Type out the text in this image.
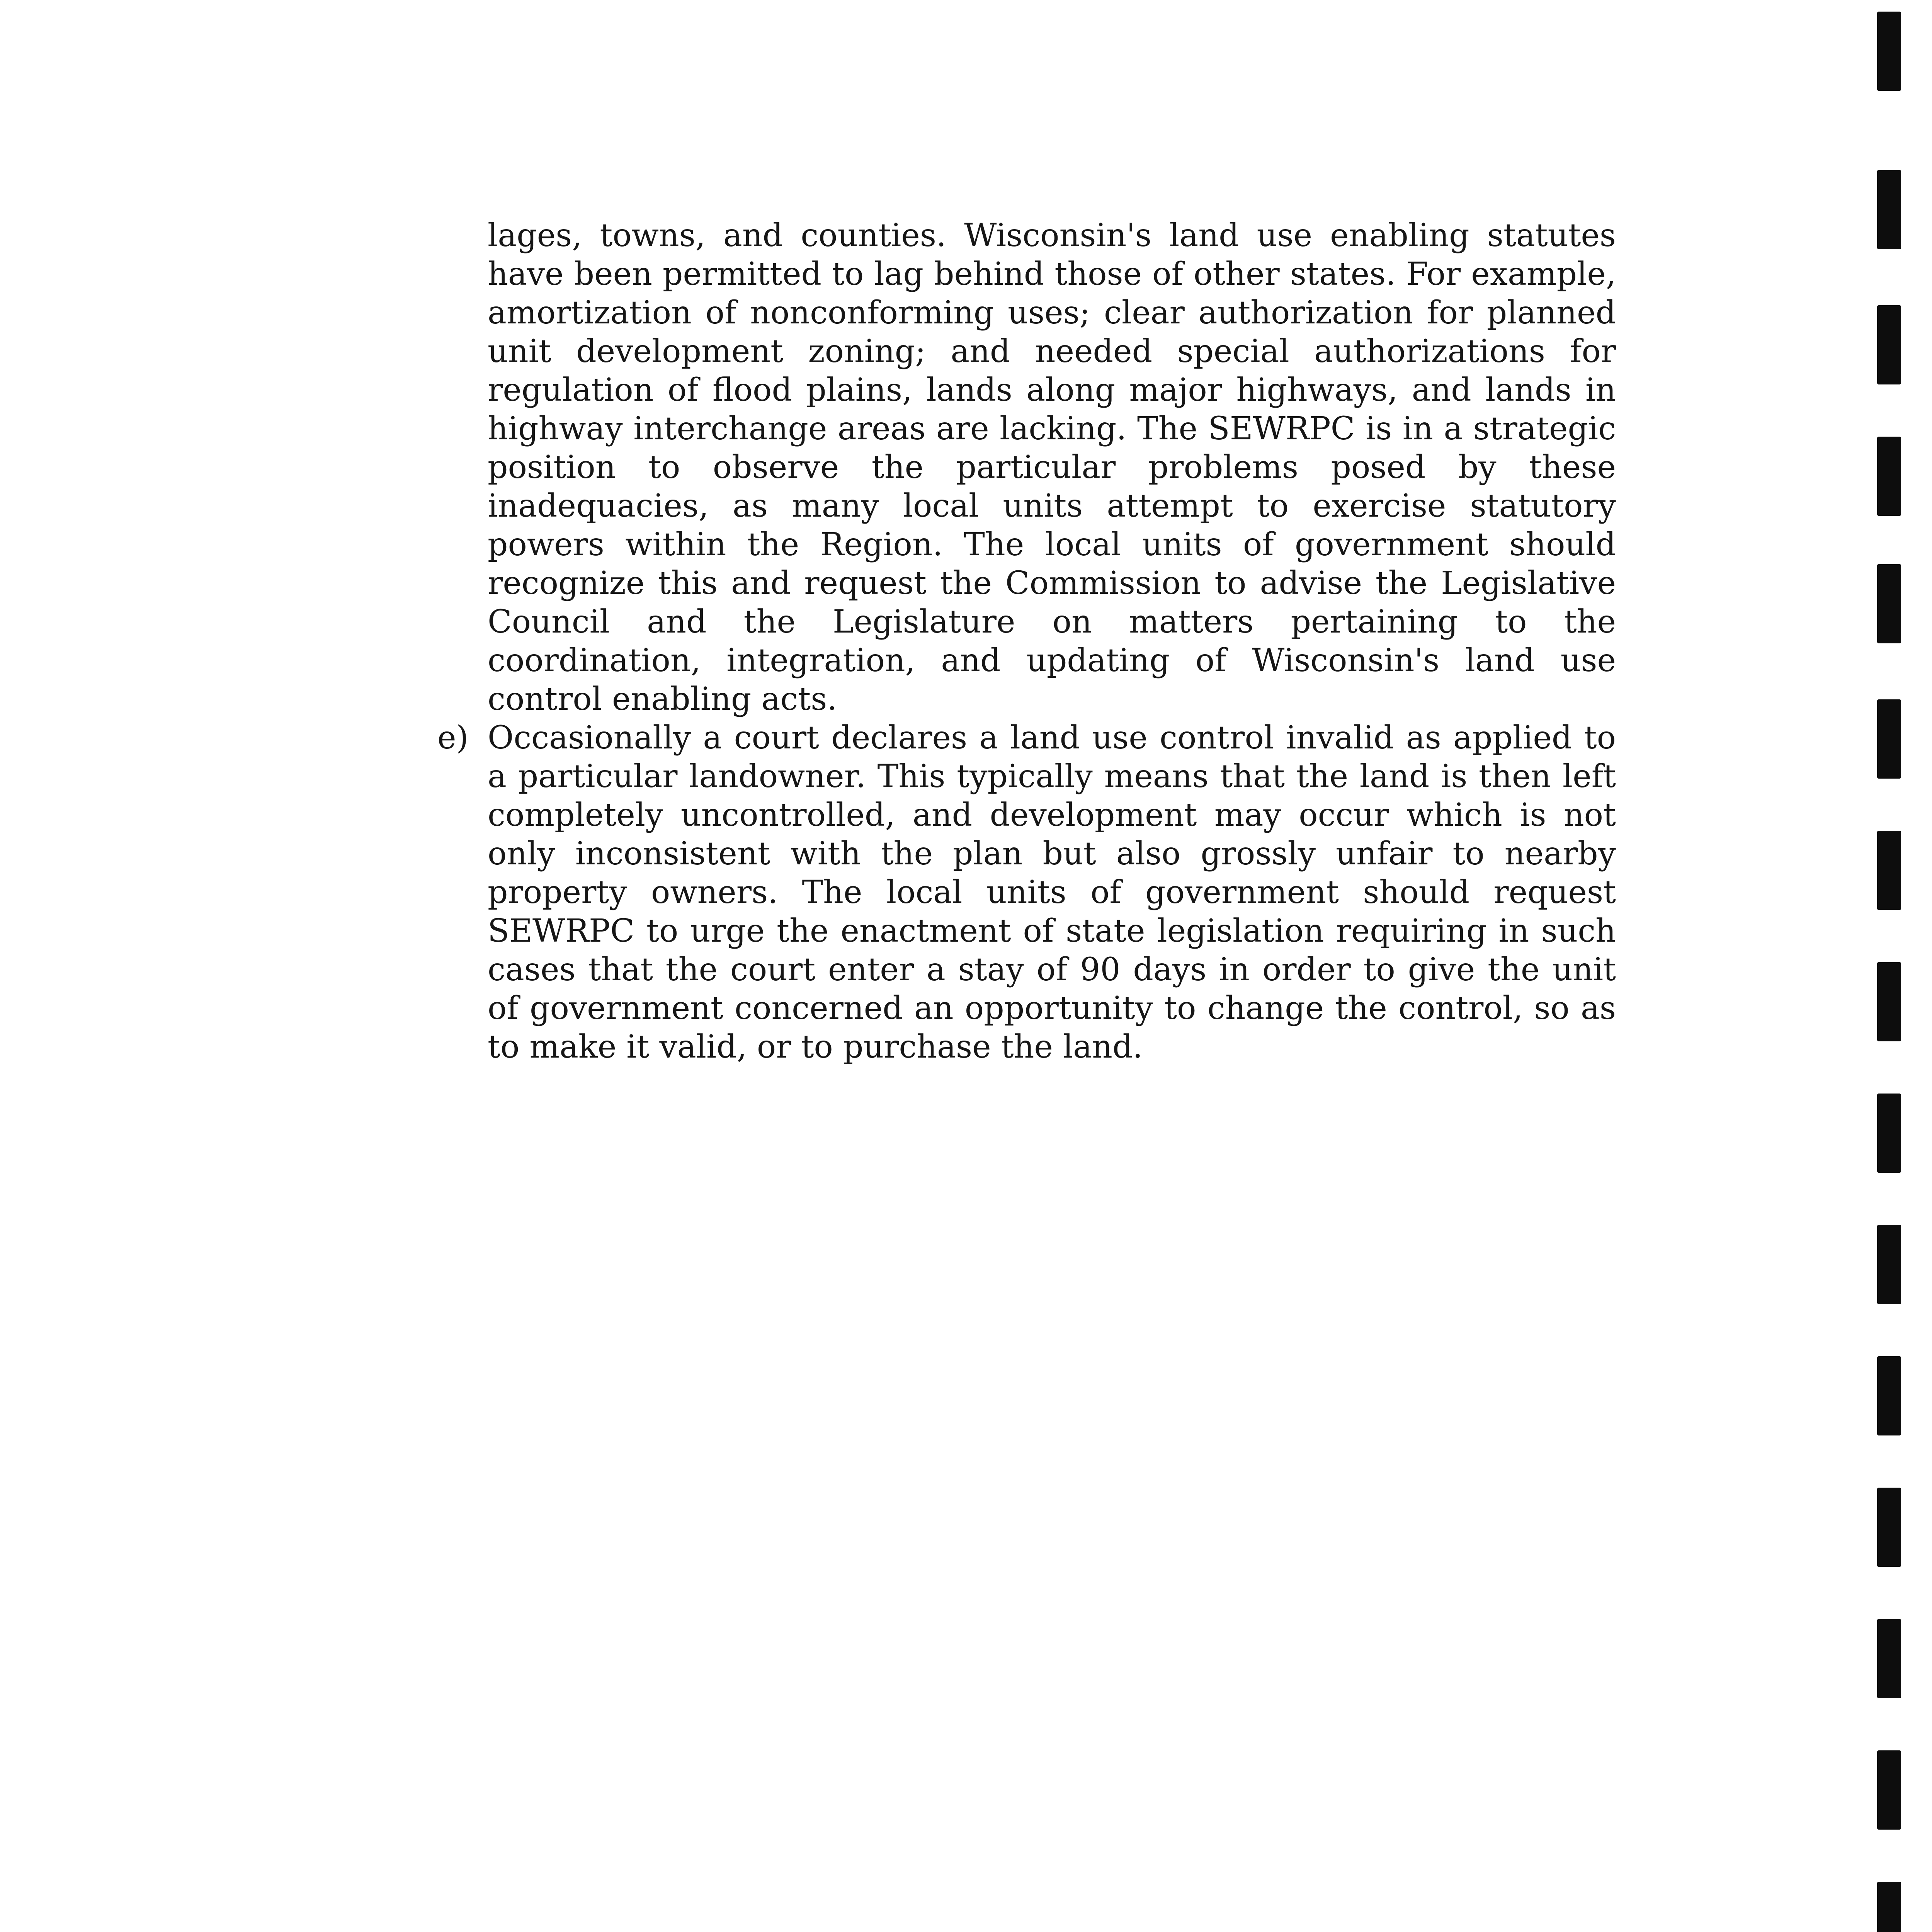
lages, towns, and counties. Wisconsin's land use enabling statutes have been permitted to lag behind those of other states. For example, amortization of nonconforming uses; clear authorization for planned unit development zoning; and needed special authorizations for regulation of flood plains, lands along major highways, and lands in highway interchange areas are lacking. The SEWRPC is in a strategic position to observe the particular problems posed by these inadequacies, as many local units attempt to exercise statutory powers within the Region. The local units of government should recognize this and request the Commission to advise the Legislative Council and the Legislature on matters pertaining to the coordination, integration, and updating of Wisconsin's land use control enabling acts.

e) Occasionally a court declares a land use control invalid as applied to a particular landowner. This typically means that the land is then left completely uncontrolled, and development may occur which is not only inconsistent with the plan but also grossly unfair to nearby property owners. The local units of government should request SEWRPC to urge the enactment of state legislation requiring in such cases that the court enter a stay of 90 days in order to give the unit of government concerned an opportunity to change the control, so as to make it valid, or to purchase the land.
